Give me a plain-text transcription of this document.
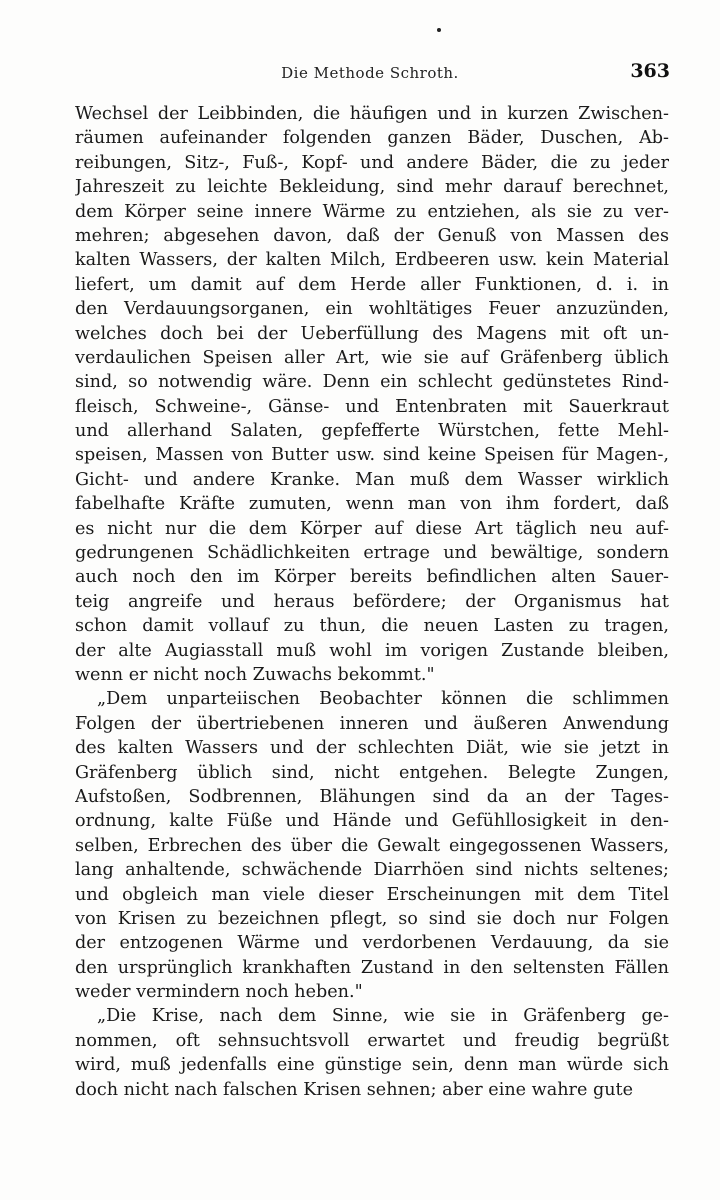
Die Methode Schroth.	363
Wechsel der Leibbinden, die häufigen und in kurzen Zwischen-
räumen aufeinander folgenden ganzen Bäder, Duschen, Ab-
reibungen, Sitz-, Fuß-, Kopf- und andere Bäder, die zu jeder
Jahreszeit zu leichte Bekleidung, sind mehr darauf berechnet,
dem Körper seine innere Wärme zu entziehen, als sie zu ver-
mehren; abgesehen davon, daß der Genuß von Massen des
kalten Wassers, der kalten Milch, Erdbeeren usw. kein Material
liefert, um damit auf dem Herde aller Funktionen, d. i. in
den Verdauungsorganen, ein wohltätiges Feuer anzuzünden,
welches doch bei der Ueberfüllung des Magens mit oft un-
verdaulichen Speisen aller Art, wie sie auf Gräfenberg üblich
sind, so notwendig wäre. Denn ein schlecht gedünstetes Rind-
fleisch, Schweine-, Gänse- und Entenbraten mit Sauerkraut
und allerhand Salaten, gepfefferte Würstchen, fette Mehl-
speisen, Massen von Butter usw. sind keine Speisen für Magen-,
Gicht- und andere Kranke. Man muß dem Wasser wirklich
fabelhafte Kräfte zumuten, wenn man von ihm fordert, daß
es nicht nur die dem Körper auf diese Art täglich neu auf-
gedrungenen Schädlichkeiten ertrage und bewältige, sondern
auch noch den im Körper bereits befindlichen alten Sauer-
teig angreife und heraus befördere; der Organismus hat
schon damit vollauf zu thun, die neuen Lasten zu tragen,
der alte Augiasstall muß wohl im vorigen Zustande bleiben,
wenn er nicht noch Zuwachs bekommt."
„Dem unparteiischen Beobachter können die schlimmen
Folgen der übertriebenen inneren und äußeren Anwendung
des kalten Wassers und der schlechten Diät, wie sie jetzt in
Gräfenberg üblich sind, nicht entgehen. Belegte Zungen,
Aufstoßen, Sodbrennen, Blähungen sind da an der Tages-
ordnung, kalte Füße und Hände und Gefühllosigkeit in den-
selben, Erbrechen des über die Gewalt eingegossenen Wassers,
lang anhaltende, schwächende Diarrhöen sind nichts seltenes;
und obgleich man viele dieser Erscheinungen mit dem Titel
von Krisen zu bezeichnen pflegt, so sind sie doch nur Folgen
der entzogenen Wärme und verdorbenen Verdauung, da sie
den ursprünglich krankhaften Zustand in den seltensten Fällen
weder vermindern noch heben."
„Die Krise, nach dem Sinne, wie sie in Gräfenberg ge-
nommen, oft sehnsuchtsvoll erwartet und freudig begrüßt
wird, muß jedenfalls eine günstige sein, denn man würde sich
doch nicht nach falschen Krisen sehnen; aber eine wahre gute
